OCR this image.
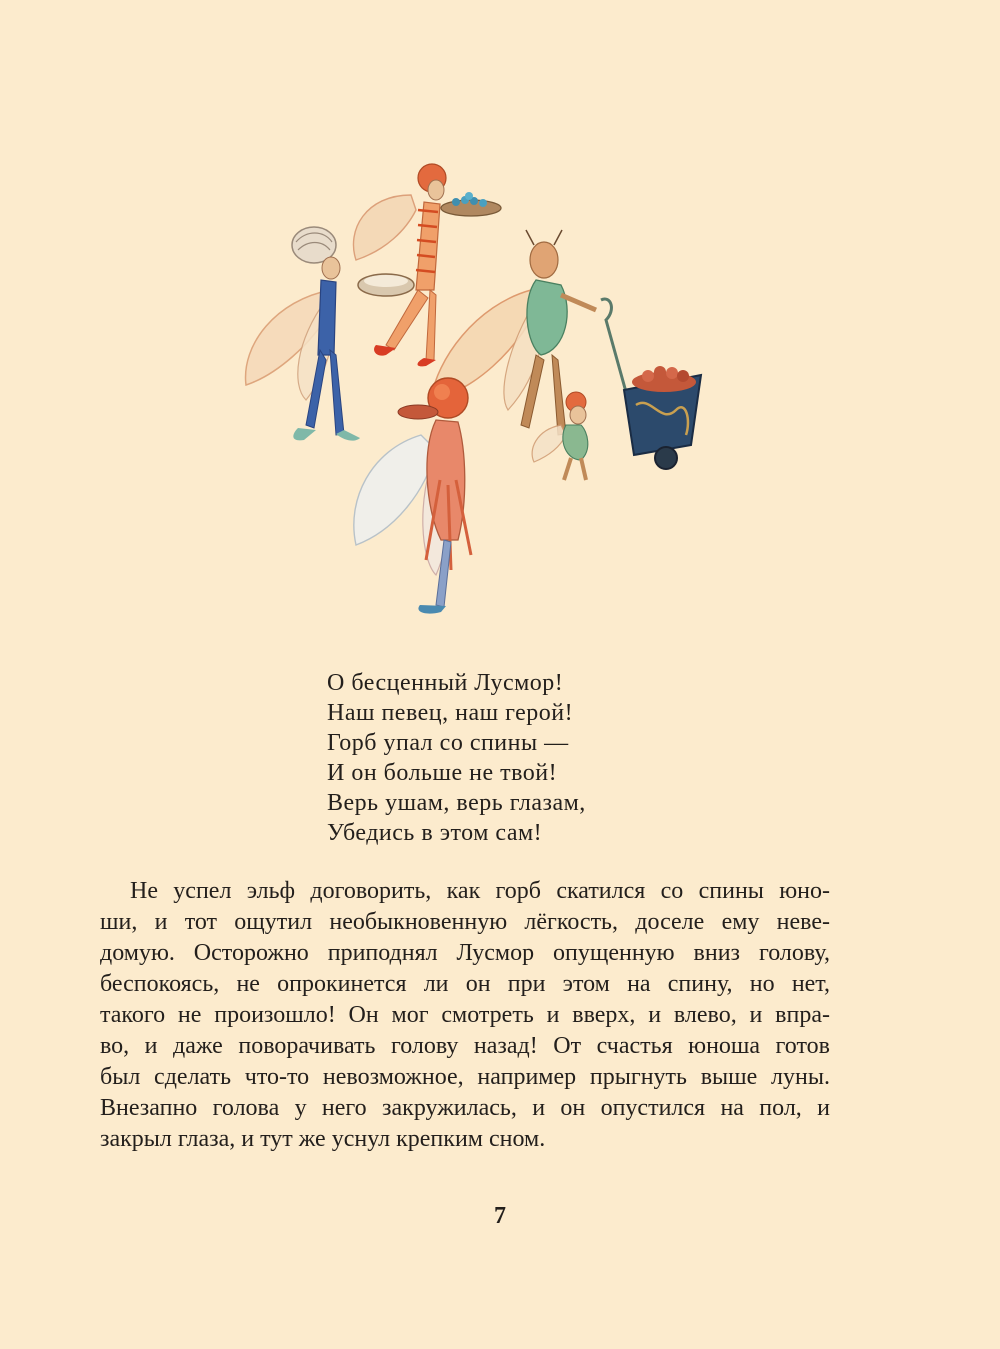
О бесценный Лусмор!
Наш певец, наш герой!
Горб упал со спины —
И он больше не твой!
Верь ушам, верь глазам,
Убедись в этом сам!
Не успел эльф договорить, как горб скатился со спины юно-
ши, и тот ощутил необыкновенную лёгкость, доселе ему неве-
домую. Осторожно приподнял Лусмор опущенную вниз голову,
беспокоясь, не опрокинется ли он при этом на спину, но нет,
такого не произошло! Он мог смотреть и вверх, и влево, и впра-
во, и даже поворачивать голову назад! От счастья юноша готов
был сделать что-то невозможное, например прыгнуть выше луны.
Внезапно голова у него закружилась, и он опустился на пол, и
закрыл глаза, и тут же уснул крепким сном.
7
